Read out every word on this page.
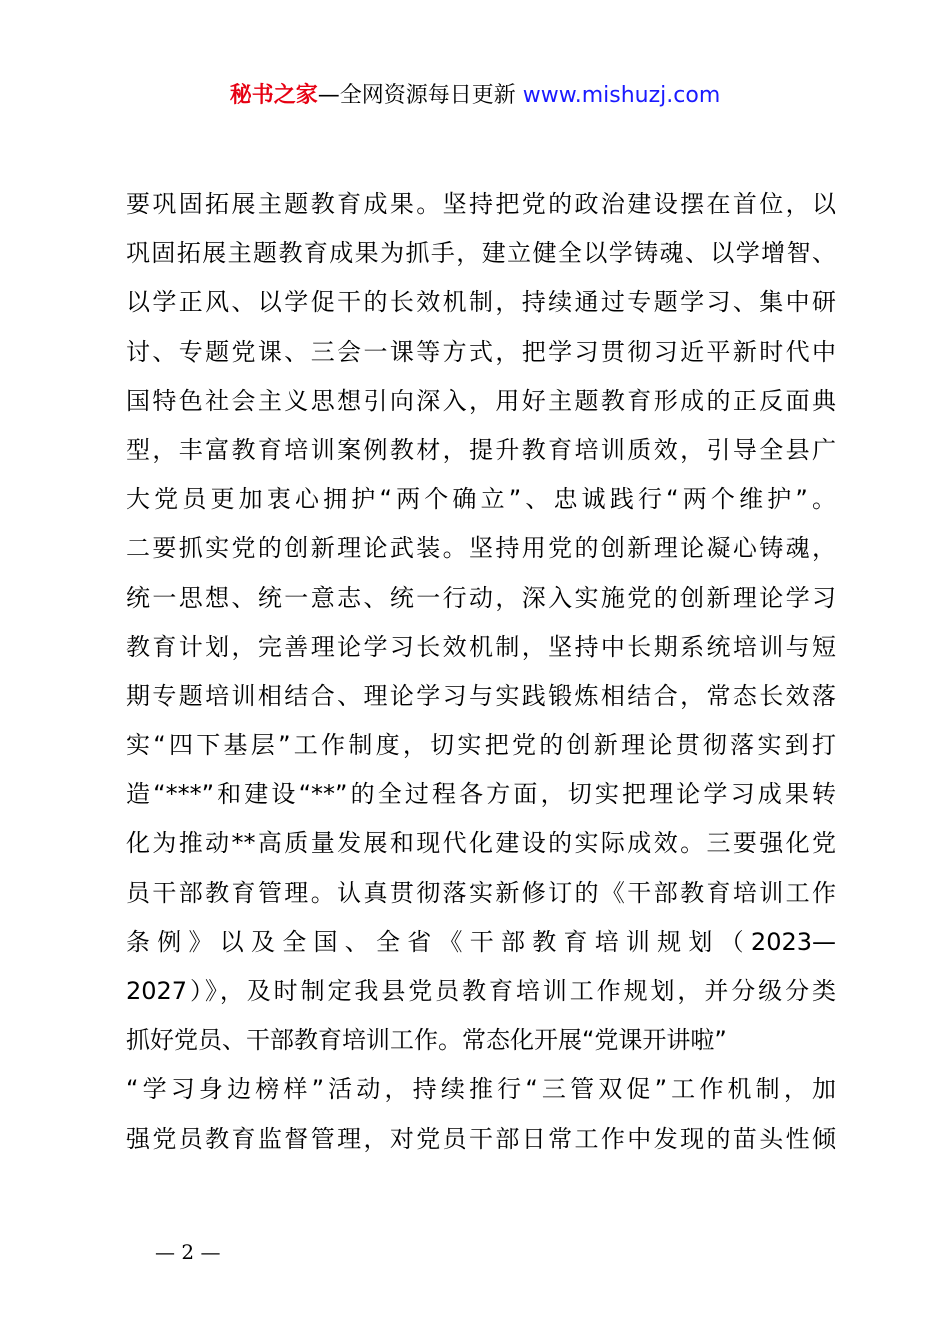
秘书之家—全网资源每日更新 www.mishuzj.com
要巩固拓展主题教育成果。坚持把党的政治建设摆在首位，以
巩固拓展主题教育成果为抓手，建立健全以学铸魂、以学增智、
以学正风、以学促干的长效机制，持续通过专题学习、集中研
讨、专题党课、三会一课等方式，把学习贯彻习近平新时代中
国特色社会主义思想引向深入，用好主题教育形成的正反面典
型，丰富教育培训案例教材，提升教育培训质效，引导全县广
大党员更加衷心拥护“两个确立”、忠诚践行“两个维护”。
二要抓实党的创新理论武装。坚持用党的创新理论凝心铸魂，
统一思想、统一意志、统一行动，深入实施党的创新理论学习
教育计划，完善理论学习长效机制，坚持中长期系统培训与短
期专题培训相结合、理论学习与实践锻炼相结合，常态长效落
实“四下基层”工作制度，切实把党的创新理论贯彻落实到打
造“***”和建设“**”的全过程各方面，切实把理论学习成果转
化为推动**高质量发展和现代化建设的实际成效。三要强化党
员干部教育管理。认真贯彻落实新修订的《干部教育培训工作
条例》以及全国、全省《干部教育培训规划（2023—
2027）》，及时制定我县党员教育培训工作规划，并分级分类
抓好党员、干部教育培训工作。常态化开展“党课开讲啦”
“学习身边榜样”活动，持续推行“三管双促”工作机制，加
强党员教育监督管理，对党员干部日常工作中发现的苗头性倾
— 2 —
